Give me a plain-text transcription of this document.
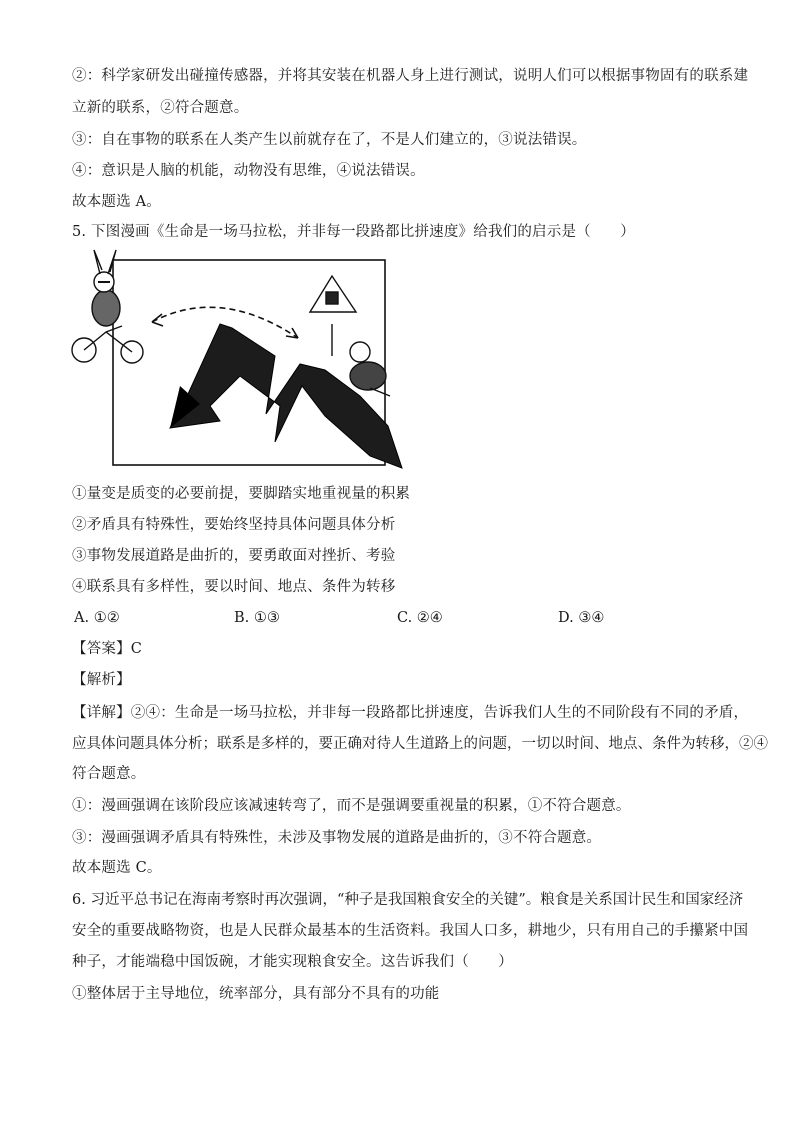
②：科学家研发出碰撞传感器，并将其安装在机器人身上进行测试，说明人们可以根据事物固有的联系建
立新的联系，②符合题意。
③：自在事物的联系在人类产生以前就存在了，不是人们建立的，③说法错误。
④：意识是人脑的机能，动物没有思维，④说法错误。
故本题选 A。
5. 下图漫画《生命是一场马拉松，并非每一段路都比拼速度》给我们的启示是（　　）
①量变是质变的必要前提，要脚踏实地重视量的积累
②矛盾具有特殊性，要始终坚持具体问题具体分析
③事物发展道路是曲折的，要勇敢面对挫折、考验
④联系具有多样性，要以时间、地点、条件为转移
A. ①②	B. ①③	C. ②④	D. ③④
【答案】C
【解析】
【详解】②④：生命是一场马拉松，并非每一段路都比拼速度，告诉我们人生的不同阶段有不同的矛盾，
应具体问题具体分析；联系是多样的，要正确对待人生道路上的问题，一切以时间、地点、条件为转移，②④
符合题意。
①：漫画强调在该阶段应该减速转弯了，而不是强调要重视量的积累，①不符合题意。
③：漫画强调矛盾具有特殊性，未涉及事物发展的道路是曲折的，③不符合题意。
故本题选 C。
6. 习近平总书记在海南考察时再次强调，“种子是我国粮食安全的关键”。粮食是关系国计民生和国家经济
安全的重要战略物资，也是人民群众最基本的生活资料。我国人口多，耕地少，只有用自己的手攥紧中国
种子，才能端稳中国饭碗，才能实现粮食安全。这告诉我们（　　）
①整体居于主导地位，统率部分，具有部分不具有的功能
